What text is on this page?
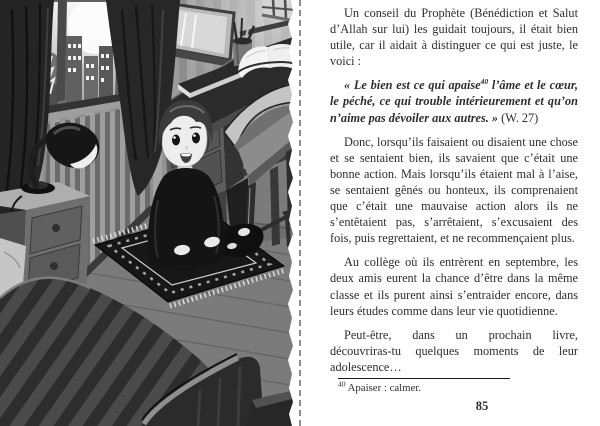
Un conseil du Prophète (Bénédiction et Salut d’Allah sur lui) les guidait toujours, il était bien utile, car il aidait à distinguer ce qui est juste, le voici :

« Le bien est ce qui apaise$^{40}$ l’âme et le cœur, le péché, ce qui trouble intérieurement et qu’on n’aime pas dévoiler aux autres. » (W. 27)

Donc, lorsqu’ils faisaient ou disaient une chose et se sentaient bien, ils savaient que c’était une bonne action. Mais lorsqu’ils étaient mal à l’aise, se sentaient gênés ou honteux, ils comprenaient que c’était une mauvaise action alors ils ne s’entêtaient pas, s’arrêtaient, s’excusaient des fois, puis regrettaient, et ne recommençaient plus.

Au collège où ils entrèrent en septembre, les deux amis eurent la chance d’être dans la même classe et ils purent ainsi s’entraider encore, dans leurs études comme dans leur vie quotidienne.

Peut-être, dans un prochain livre, découvriras-tu quelques moments de leur adolescence…

$^{40}$ Apaiser : calmer.
85
